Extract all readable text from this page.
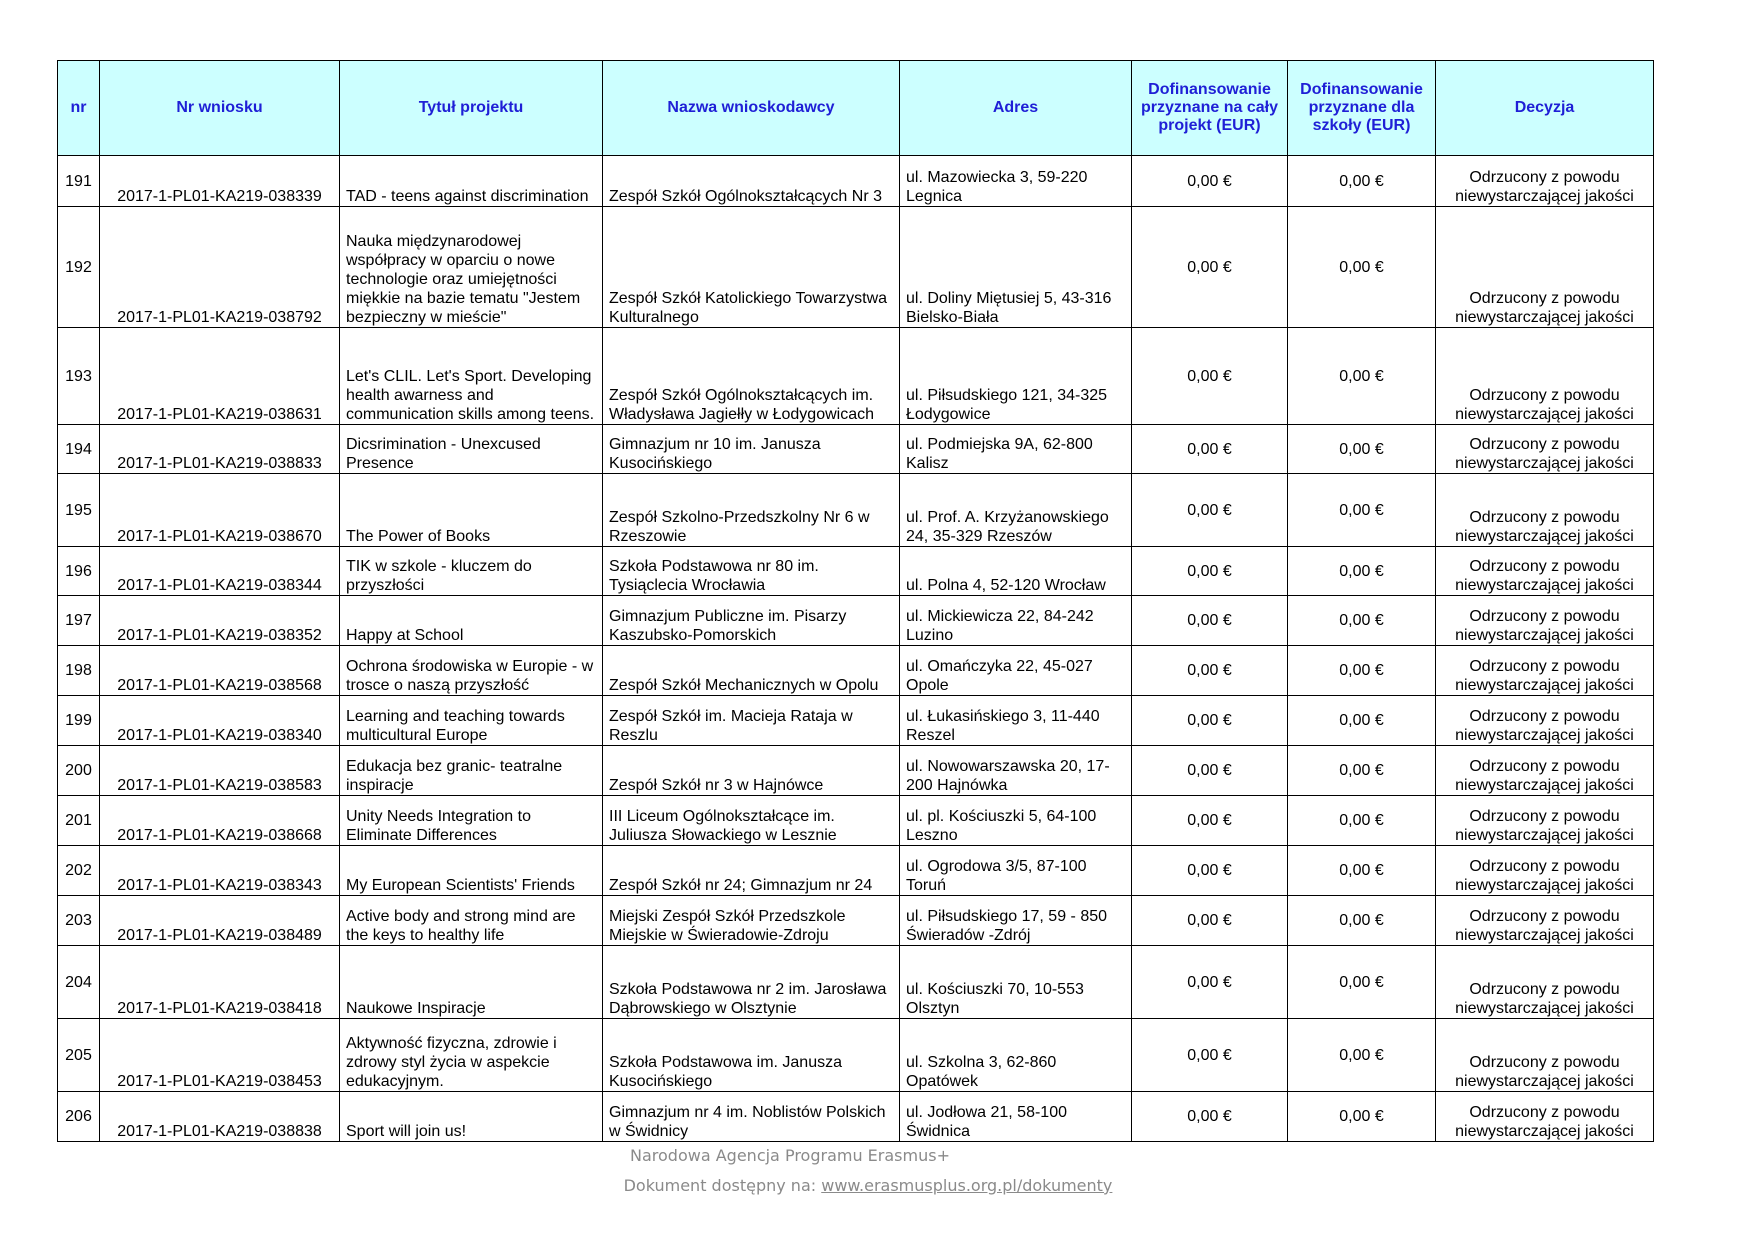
nr	Nr wniosku	Tytuł projektu	Nazwa wnioskodawcy	Adres	Dofinansowanie przyznane na cały projekt (EUR)	Dofinansowanie przyznane dla szkoły (EUR)	Decyzja
191	2017-1-PL01-KA219-038339	TAD - teens against discrimination	Zespół Szkół Ogólnokształcących Nr 3	ul. Mazowiecka 3, 59-220 Legnica	0,00 €	0,00 €	Odrzucony z powodu niewystarczającej jakości
192	2017-1-PL01-KA219-038792	Nauka międzynarodowej współpracy w oparciu o nowe technologie oraz umiejętności miękkie na bazie tematu "Jestem bezpieczny w mieście"	Zespół Szkół Katolickiego Towarzystwa Kulturalnego	ul. Doliny Miętusiej 5, 43-316 Bielsko-Biała	0,00 €	0,00 €	Odrzucony z powodu niewystarczającej jakości
193	2017-1-PL01-KA219-038631	Let's CLIL. Let's Sport. Developing health awarness and communication skills among teens.	Zespół Szkół Ogólnokształcących im. Władysława Jagiełły w Łodygowicach	ul. Piłsudskiego 121, 34-325 Łodygowice	0,00 €	0,00 €	Odrzucony z powodu niewystarczającej jakości
194	2017-1-PL01-KA219-038833	Dicsrimination - Unexcused Presence	Gimnazjum nr 10 im. Janusza Kusocińskiego	ul. Podmiejska 9A, 62-800 Kalisz	0,00 €	0,00 €	Odrzucony z powodu niewystarczającej jakości
195	2017-1-PL01-KA219-038670	The Power of Books	Zespół Szkolno-Przedszkolny Nr 6 w Rzeszowie	ul. Prof. A. Krzyżanowskiego 24, 35-329 Rzeszów	0,00 €	0,00 €	Odrzucony z powodu niewystarczającej jakości
196	2017-1-PL01-KA219-038344	TIK w szkole - kluczem do przyszłości	Szkoła Podstawowa nr 80 im. Tysiąclecia Wrocławia	ul. Polna 4, 52-120 Wrocław	0,00 €	0,00 €	Odrzucony z powodu niewystarczającej jakości
197	2017-1-PL01-KA219-038352	Happy at School	Gimnazjum Publiczne im. Pisarzy Kaszubsko-Pomorskich	ul. Mickiewicza 22, 84-242 Luzino	0,00 €	0,00 €	Odrzucony z powodu niewystarczającej jakości
198	2017-1-PL01-KA219-038568	Ochrona środowiska w Europie - w trosce o naszą przyszłość	Zespół Szkół Mechanicznych w Opolu	ul. Omańczyka 22, 45-027 Opole	0,00 €	0,00 €	Odrzucony z powodu niewystarczającej jakości
199	2017-1-PL01-KA219-038340	Learning and teaching towards multicultural Europe	Zespół Szkół im. Macieja Rataja w Reszlu	ul. Łukasińskiego 3, 11-440 Reszel	0,00 €	0,00 €	Odrzucony z powodu niewystarczającej jakości
200	2017-1-PL01-KA219-038583	Edukacja bez granic- teatralne inspiracje	Zespół Szkół nr 3 w Hajnówce	ul. Nowowarszawska 20, 17-200 Hajnówka	0,00 €	0,00 €	Odrzucony z powodu niewystarczającej jakości
201	2017-1-PL01-KA219-038668	Unity Needs Integration to Eliminate Differences	III Liceum Ogólnokształcące im. Juliusza Słowackiego w Lesznie	ul. pl. Kościuszki 5, 64-100 Leszno	0,00 €	0,00 €	Odrzucony z powodu niewystarczającej jakości
202	2017-1-PL01-KA219-038343	My European Scientists' Friends	Zespół Szkół nr 24; Gimnazjum nr 24	ul. Ogrodowa 3/5, 87-100 Toruń	0,00 €	0,00 €	Odrzucony z powodu niewystarczającej jakości
203	2017-1-PL01-KA219-038489	Active body and strong mind are the keys to healthy life	Miejski Zespół Szkół Przedszkole Miejskie w Świeradowie-Zdroju	ul. Piłsudskiego 17, 59 - 850 Świeradów -Zdrój	0,00 €	0,00 €	Odrzucony z powodu niewystarczającej jakości
204	2017-1-PL01-KA219-038418	Naukowe Inspiracje	Szkoła Podstawowa nr 2 im. Jarosława Dąbrowskiego w Olsztynie	ul. Kościuszki 70, 10-553 Olsztyn	0,00 €	0,00 €	Odrzucony z powodu niewystarczającej jakości
205	2017-1-PL01-KA219-038453	Aktywność fizyczna, zdrowie i zdrowy styl życia w aspekcie edukacyjnym.	Szkoła Podstawowa im. Janusza Kusocińskiego	ul. Szkolna 3, 62-860 Opatówek	0,00 €	0,00 €	Odrzucony z powodu niewystarczającej jakości
206	2017-1-PL01-KA219-038838	Sport will join us!	Gimnazjum nr 4 im. Noblistów Polskich w Świdnicy	ul. Jodłowa 21, 58-100 Świdnica	0,00 €	0,00 €	Odrzucony z powodu niewystarczającej jakości
Narodowa Agencja Programu Erasmus+
Dokument dostępny na: www.erasmusplus.org.pl/dokumenty
